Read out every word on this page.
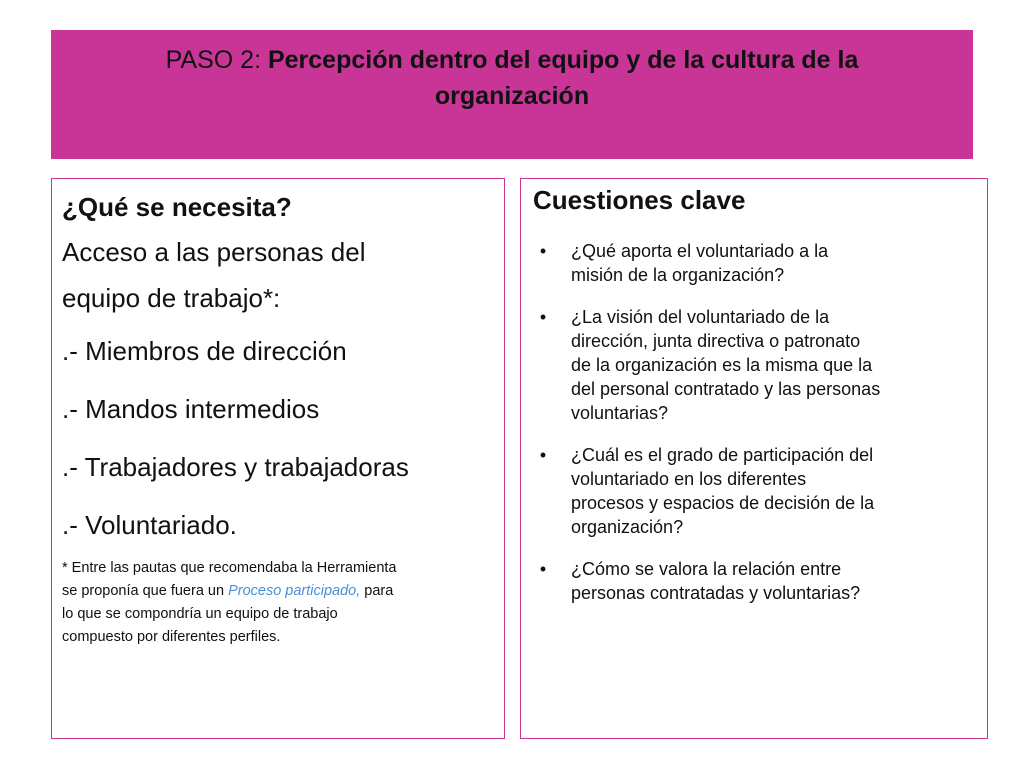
PASO 2: Percepción dentro del equipo y de la cultura de la
organización
¿Qué se necesita?
Acceso a las personas del
equipo de trabajo*:
.- Miembros de dirección
.- Mandos intermedios
.- Trabajadores y trabajadoras
.- Voluntariado.
* Entre las pautas que recomendaba la Herramienta
se proponía que fuera un Proceso participado, para
lo que se compondría un equipo de trabajo
compuesto por diferentes perfiles.
Cuestiones clave
•	¿Qué aporta el voluntariado a la
misión de la organización?
•	¿La visión del voluntariado de la
dirección, junta directiva o patronato
de la organización es la misma que la
del personal contratado y las personas
voluntarias?
•	¿Cuál es el grado de participación del
voluntariado en los diferentes
procesos y espacios de decisión de la
organización?
•	¿Cómo se valora la relación entre
personas contratadas y voluntarias?
